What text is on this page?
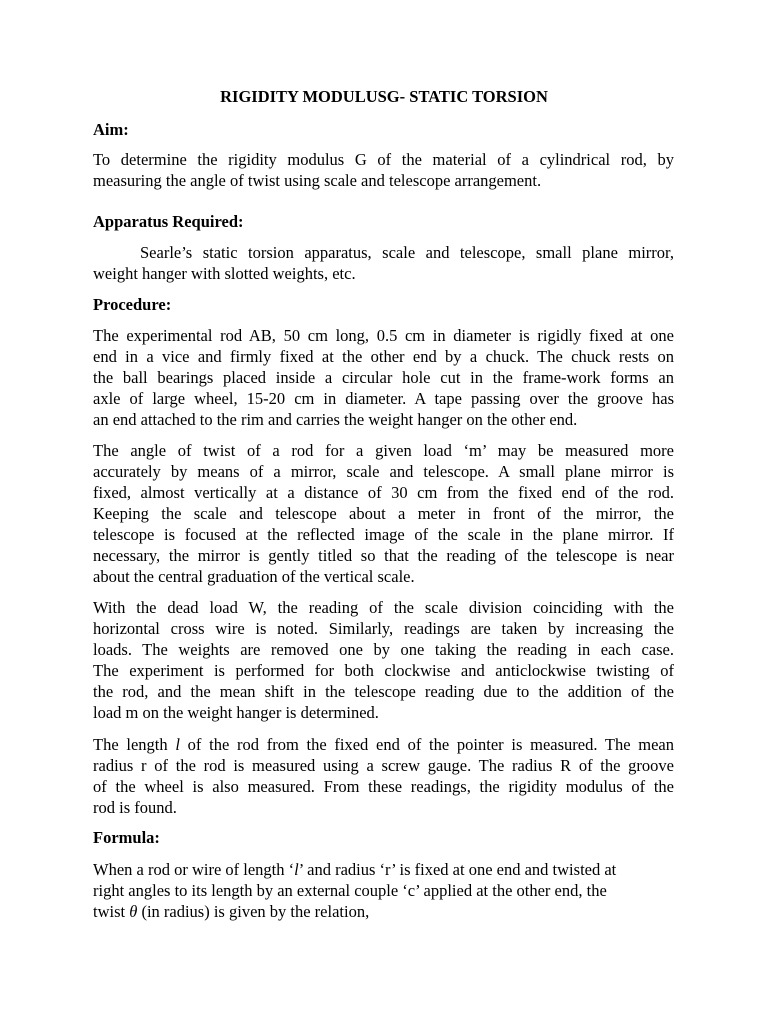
RIGIDITY MODULUSG- STATIC TORSION
Aim:
To determine the rigidity modulus G of the material of a cylindrical rod, by
measuring the angle of twist using scale and telescope arrangement.
Apparatus Required:
Searle’s static torsion apparatus, scale and telescope, small plane mirror,
weight hanger with slotted weights, etc.
Procedure:
The experimental rod AB, 50 cm long, 0.5 cm in diameter is rigidly fixed at one
end in a vice and firmly fixed at the other end by a chuck. The chuck rests on
the ball bearings placed inside a circular hole cut in the frame-work forms an
axle of large wheel, 15-20 cm in diameter. A tape passing over the groove has
an end attached to the rim and carries the weight hanger on the other end.
The angle of twist of a rod for a given load ‘m’ may be measured more
accurately by means of a mirror, scale and telescope. A small plane mirror is
fixed, almost vertically at a distance of 30 cm from the fixed end of the rod.
Keeping the scale and telescope about a meter in front of the mirror, the
telescope is focused at the reflected image of the scale in the plane mirror. If
necessary, the mirror is gently titled so that the reading of the telescope is near
about the central graduation of the vertical scale.
With the dead load W, the reading of the scale division coinciding with the
horizontal cross wire is noted. Similarly, readings are taken by increasing the
loads. The weights are removed one by one taking the reading in each case.
The experiment is performed for both clockwise and anticlockwise twisting of
the rod, and the mean shift in the telescope reading due to the addition of the
load m on the weight hanger is determined.
The length l of the rod from the fixed end of the pointer is measured. The mean
radius r of the rod is measured using a screw gauge. The radius R of the groove
of the wheel is also measured. From these readings, the rigidity modulus of the
rod is found.
Formula:
When a rod or wire of length ‘l’ and radius ‘r’ is fixed at one end and twisted at
right angles to its length by an external couple ‘c’ applied at the other end, the
twist θ (in radius) is given by the relation,
